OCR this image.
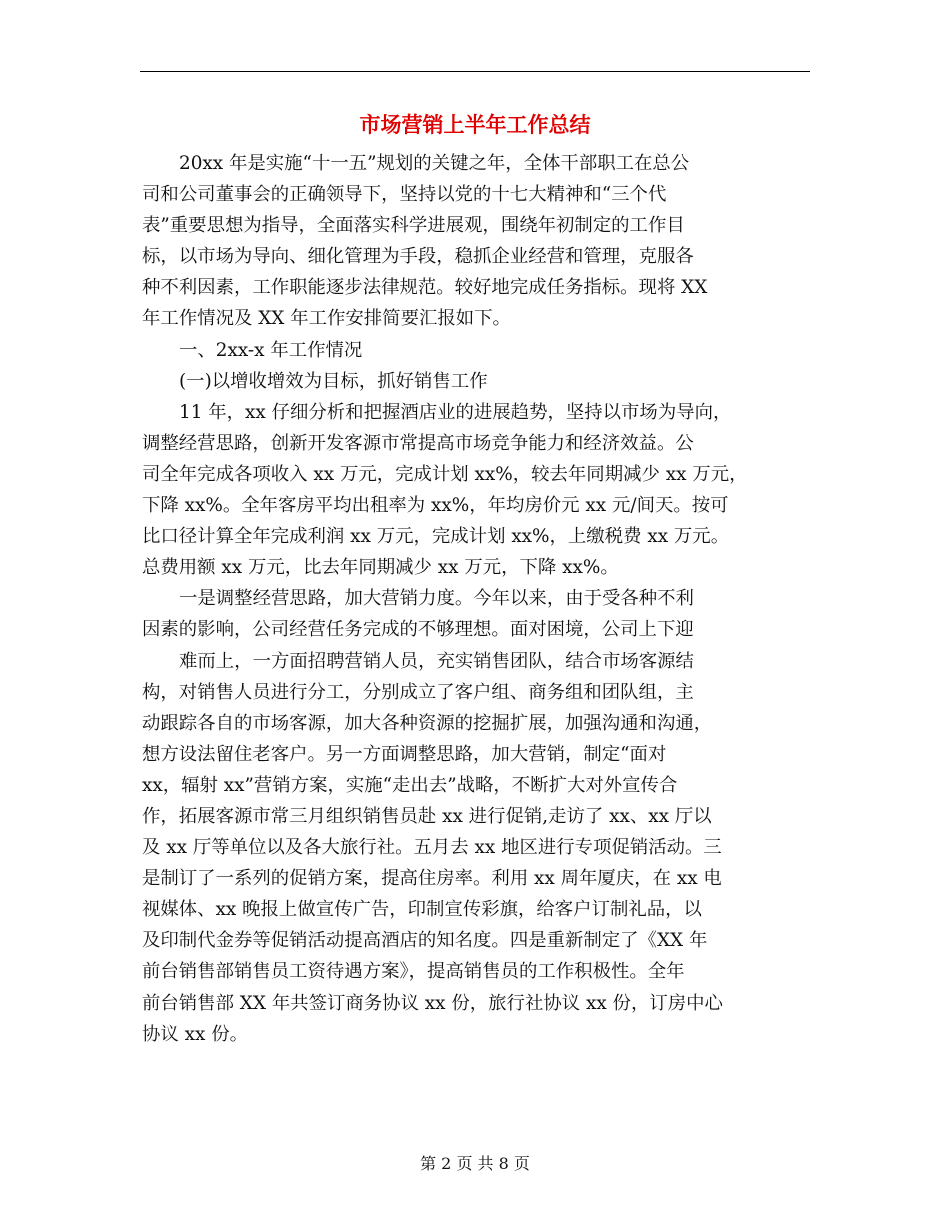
市场营销上半年工作总结

20xx 年是实施“十一五”规划的关键之年，全体干部职工在总公
司和公司董事会的正确领导下，坚持以党的十七大精神和“三个代
表”重要思想为指导，全面落实科学进展观，围绕年初制定的工作目
标，以市场为导向、细化管理为手段，稳抓企业经营和管理，克服各
种不利因素，工作职能逐步法律规范。较好地完成任务指标。现将 XX
年工作情况及 XX 年工作安排简要汇报如下。

一、2xx-x 年工作情况

(一)以增收增效为目标，抓好销售工作

11 年，xx 仔细分析和把握酒店业的进展趋势，坚持以市场为导向，
调整经营思路，创新开发客源市常提高市场竞争能力和经济效益。公
司全年完成各项收入 xx 万元，完成计划 xx%，较去年同期减少 xx 万元，
下降 xx%。全年客房平均出租率为 xx%，年均房价元 xx 元/间天。按可
比口径计算全年完成利润 xx 万元，完成计划 xx%，上缴税费 xx 万元。
总费用额 xx 万元，比去年同期减少 xx 万元，下降 xx%。

一是调整经营思路，加大营销力度。今年以来，由于受各种不利
因素的影响，公司经营任务完成的不够理想。面对困境，公司上下迎

难而上，一方面招聘营销人员，充实销售团队，结合市场客源结
构，对销售人员进行分工，分别成立了客户组、商务组和团队组，主
动跟踪各自的市场客源，加大各种资源的挖掘扩展，加强沟通和沟通，
想方设法留住老客户。另一方面调整思路，加大营销，制定“面对
xx，辐射 xx”营销方案，实施“走出去”战略，不断扩大对外宣传合
作，拓展客源市常三月组织销售员赴 xx 进行促销,走访了 xx、xx 厅以
及 xx 厅等单位以及各大旅行社。五月去 xx 地区进行专项促销活动。三
是制订了一系列的促销方案，提高住房率。利用 xx 周年厦庆，在 xx 电
视媒体、xx 晚报上做宣传广告，印制宣传彩旗，给客户订制礼品，以
及印制代金券等促销活动提高酒店的知名度。四是重新制定了《XX 年
前台销售部销售员工资待遇方案》，提高销售员的工作积极性。全年
前台销售部 XX 年共签订商务协议 xx 份，旅行社协议 xx 份，订房中心
协议 xx 份。

第 2 页 共 8 页
